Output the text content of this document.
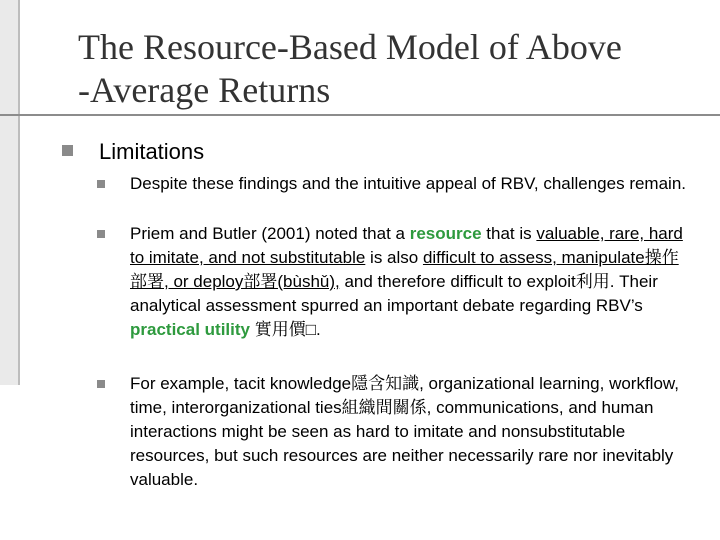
The Resource-Based Model of Above
-Average Returns
Limitations
Despite these findings and the intuitive appeal of RBV, challenges remain.
Priem and Butler (2001) noted that a resource that is valuable, rare, hard to imitate, and not substitutable is also difficult to assess, manipulate操作部署, or deploy部署(bùshǔ), and therefore difficult to exploit利用. Their analytical assessment spurred an important debate regarding RBV’s practical utility 實用價□.
For example, tacit knowledge隱含知識, organizational learning, workflow, time, interorganizational ties組織間關係, communications, and human interactions might be seen as hard to imitate and nonsubstitutable resources, but such resources are neither necessarily rare nor inevitably valuable.
